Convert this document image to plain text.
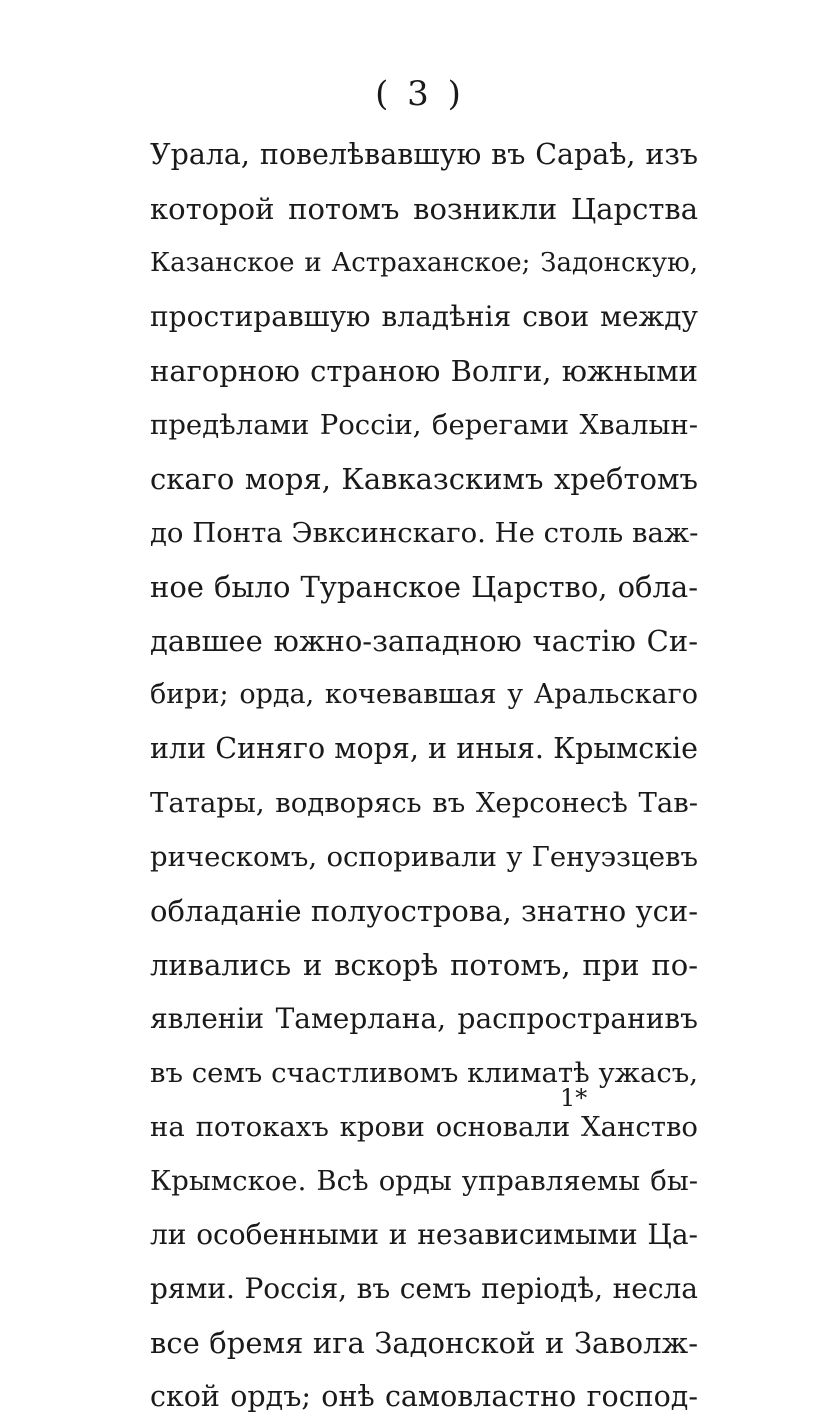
( 3 )
Урала, повелѣвавшую въ Сараѣ, изъ
которой потомъ возникли Царства
Казанское и Астраханское; Задонскую,
простиравшую владѣнія свои между
нагорною страною Волги, южными
предѣлами Россіи, берегами Хвалын-
скаго моря, Кавказскимъ хребтомъ
до Понта Эвксинскаго. Не столь важ-
ное было Туранское Царство, обла-
давшее южно-западною частію Си-
бири; орда, кочевавшая у Аральскаго
или Синяго моря, и иныя. Крымскіе
Татары, водворясь въ Херсонесѣ Тав-
рическомъ, оспоривали у Генуэзцевъ
обладаніе полуострова, знатно уси-
ливались и вскорѣ потомъ, при по-
явленіи Тамерлана, распространивъ
въ семъ счастливомъ климатѣ ужасъ,
на потокахъ крови основали Ханство
Крымское. Всѣ орды управляемы бы-
ли особенными и независимыми Ца-
рями. Россія, въ семъ періодѣ, несла
все бремя ига Задонской и Заволж-
ской ордъ; онѣ самовластно господ-
1*
